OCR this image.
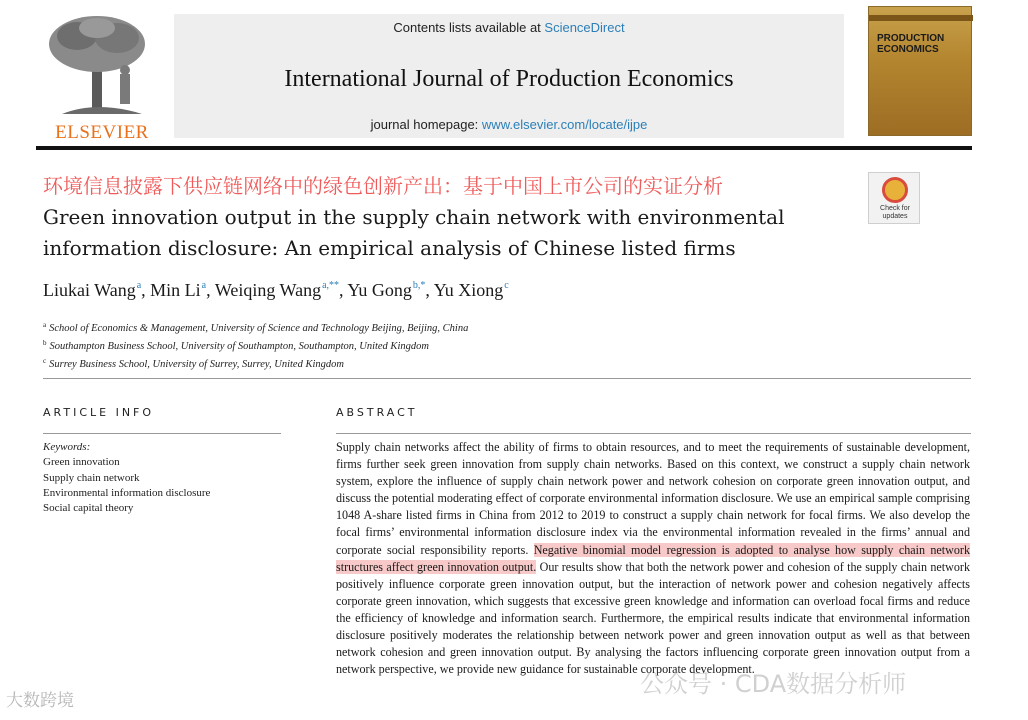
ELSEVIER
Contents lists available at ScienceDirect
International Journal of Production Economics
journal homepage: www.elsevier.com/locate/ijpe
PRODUCTION ECONOMICS
环境信息披露下供应链网络中的绿色创新产出：基于中国上市公司的实证分析
Check for updates
Green innovation output in the supply chain network with environmental information disclosure: An empirical analysis of Chinese listed firms
Liukai Wang$^a$, Min Li$^a$, Weiqing Wang$^{a,**}$, Yu Gong$^{b,*}$, Yu Xiong$^c$
$^a$ School of Economics & Management, University of Science and Technology Beijing, Beijing, China
$^b$ Southampton Business School, University of Southampton, Southampton, United Kingdom
$^c$ Surrey Business School, University of Surrey, Surrey, United Kingdom
ARTICLE INFO	ABSTRACT
Keywords:
Green innovation
Supply chain network
Environmental information disclosure
Social capital theory
Supply chain networks affect the ability of firms to obtain resources, and to meet the requirements of sustainable development, firms further seek green innovation from supply chain networks. Based on this context, we construct a supply chain network system, explore the influence of supply chain network power and network cohesion on corporate green innovation output, and discuss the potential moderating effect of corporate environmental information disclosure. We use an empirical sample comprising 1048 A-share listed firms in China from 2012 to 2019 to construct a supply chain network for focal firms. We also develop the focal firms’ environmental information disclosure index via the environmental information revealed in the firms’ annual and corporate social responsibility reports. Negative binomial model regression is adopted to analyse how supply chain network structures affect green innovation output. Our results show that both the network power and cohesion of the supply chain network positively influence corporate green innovation output, but the interaction of network power and cohesion negatively affects corporate green innovation, which suggests that excessive green knowledge and information can overload focal firms and reduce the efficiency of knowledge and information search. Furthermore, the empirical results indicate that environmental information disclosure positively moderates the relationship between network power and green innovation output as well as that between network cohesion and green innovation output. By analysing the factors influencing corporate green innovation output from a network perspective, we provide new guidance for sustainable corporate development.
大数跨境
公众号 · CDA数据分析师
